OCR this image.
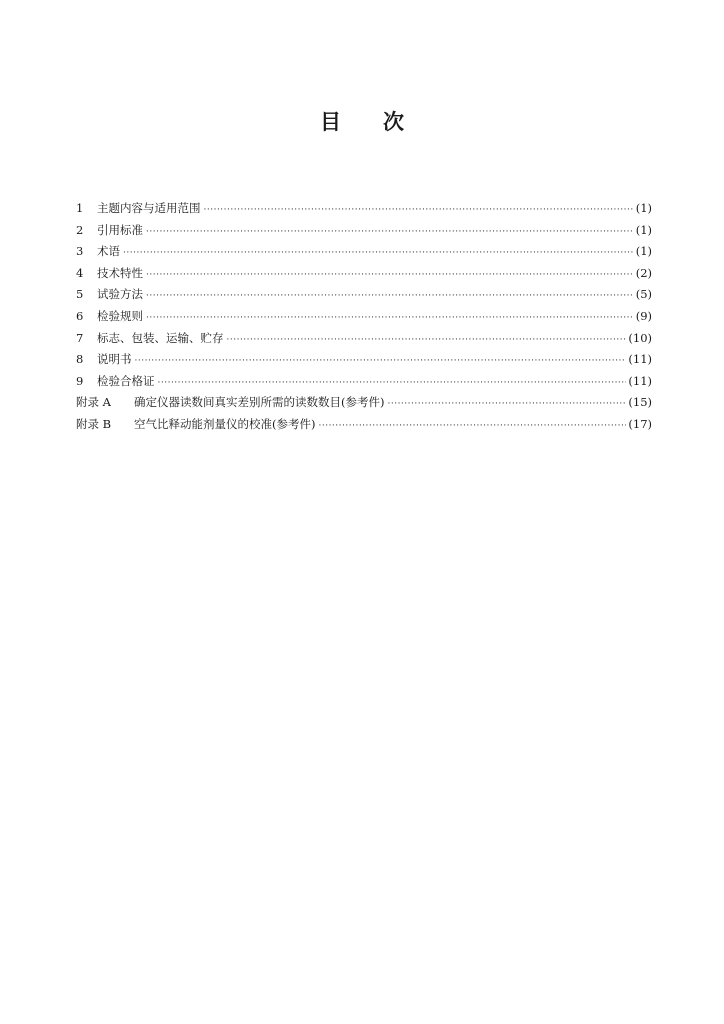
目次
1	主题内容与适用范围 ·····	(1)
2	引用标准 ·····	(1)
3	术语 ·····	(1)
4	技术特性 ·····	(2)
5	试验方法 ·····	(5)
6	检验规则 ·····	(9)
7	标志、包装、运输、贮存 ·····	(10)
8	说明书 ·····	(11)
9	检验合格证 ·····	(11)
附录 A	确定仪器读数间真实差别所需的读数数目(参考件) ·····	(15)
附录 B	空气比释动能剂量仪的校准(参考件) ·····	(17)
